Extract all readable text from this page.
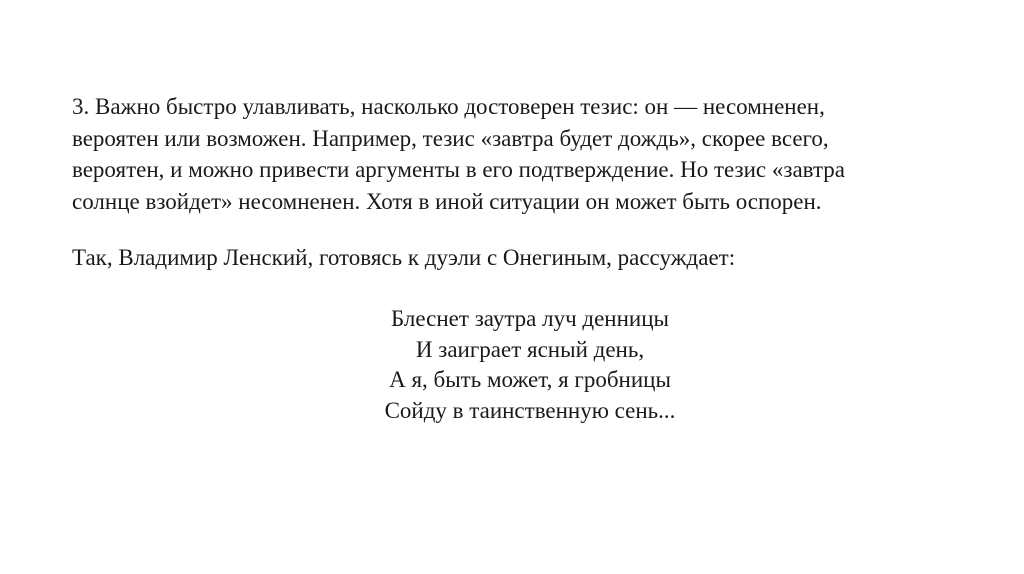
3. Важно быстро улавливать, насколько достоверен тезис: он — несомненен,
вероятен или возможен. Например, тезис «завтра будет дождь», скорее всего,
вероятен, и можно привести аргументы в его подтверждение. Но тезис «завтра
солнце взойдет» несомненен. Хотя в иной ситуации он может быть оспорен.

Так, Владимир Ленский, готовясь к дуэли с Онегиным, рассуждает:

Блеснет заутра луч денницы
И заиграет ясный день,
А я, быть может, я гробницы
Сойду в таинственную сень...
